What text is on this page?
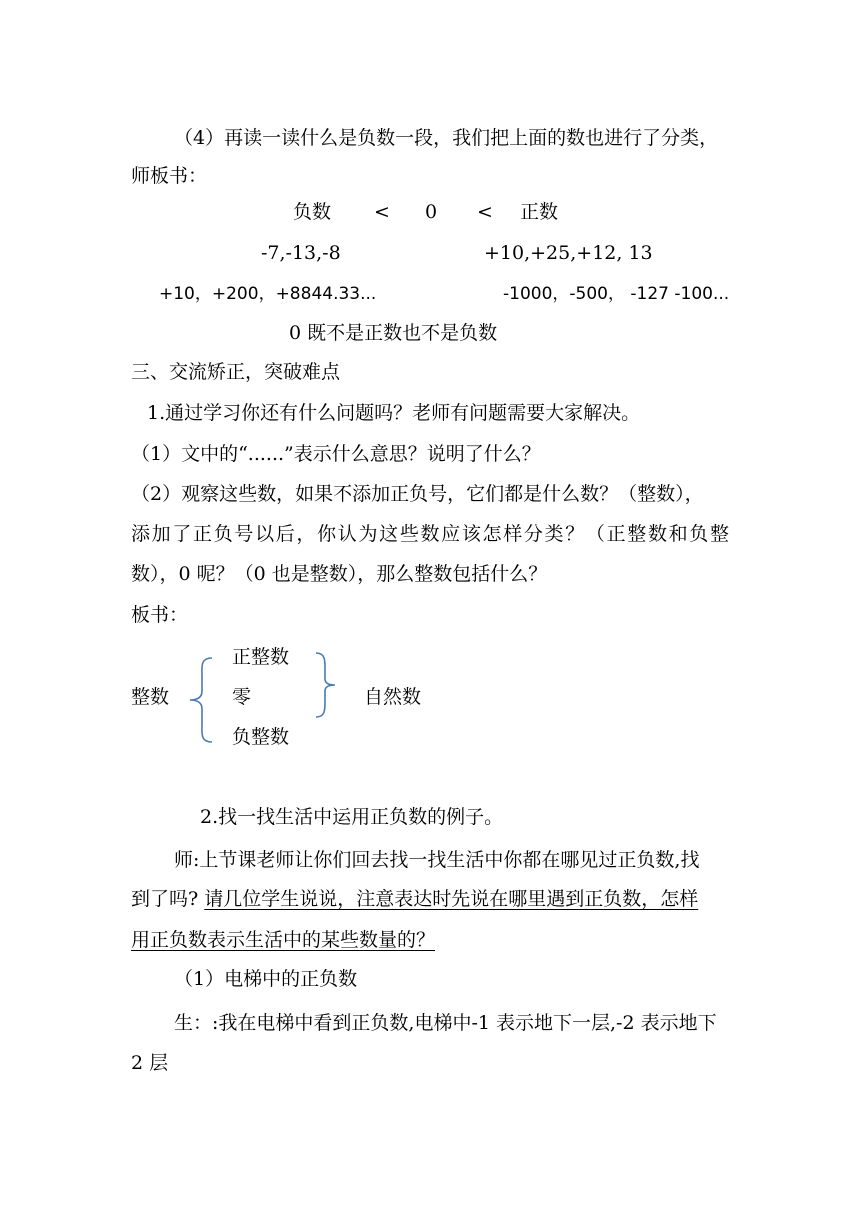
（4）再读一读什么是负数一段，我们把上面的数也进行了分类，
师板书：
负数 < 0 < 正数
-7,-13,-8	+10,+25,+12, 13
+10，+200，+8844.33...	-1000，-500， -127 -100...
0 既不是正数也不是负数
三、交流矫正，突破难点
1.通过学习你还有什么问题吗？老师有问题需要大家解决。
（1）文中的“......”表示什么意思？说明了什么？
（2）观察这些数，如果不添加正负号，它们都是什么数？（整数），
添加了正负号以后，你认为这些数应该怎样分类？（正整数和负整
数），0 呢？（0 也是整数），那么整数包括什么？
板书：
整数
正整数
零
负整数
自然数
2.找一找生活中运用正负数的例子。
师:上节课老师让你们回去找一找生活中你都在哪见过正负数,找
到了吗? 请几位学生说说，注意表达时先说在哪里遇到正负数，怎样
用正负数表示生活中的某些数量的？
（1）电梯中的正负数
生：:我在电梯中看到正负数,电梯中-1 表示地下一层,-2 表示地下
2 层
